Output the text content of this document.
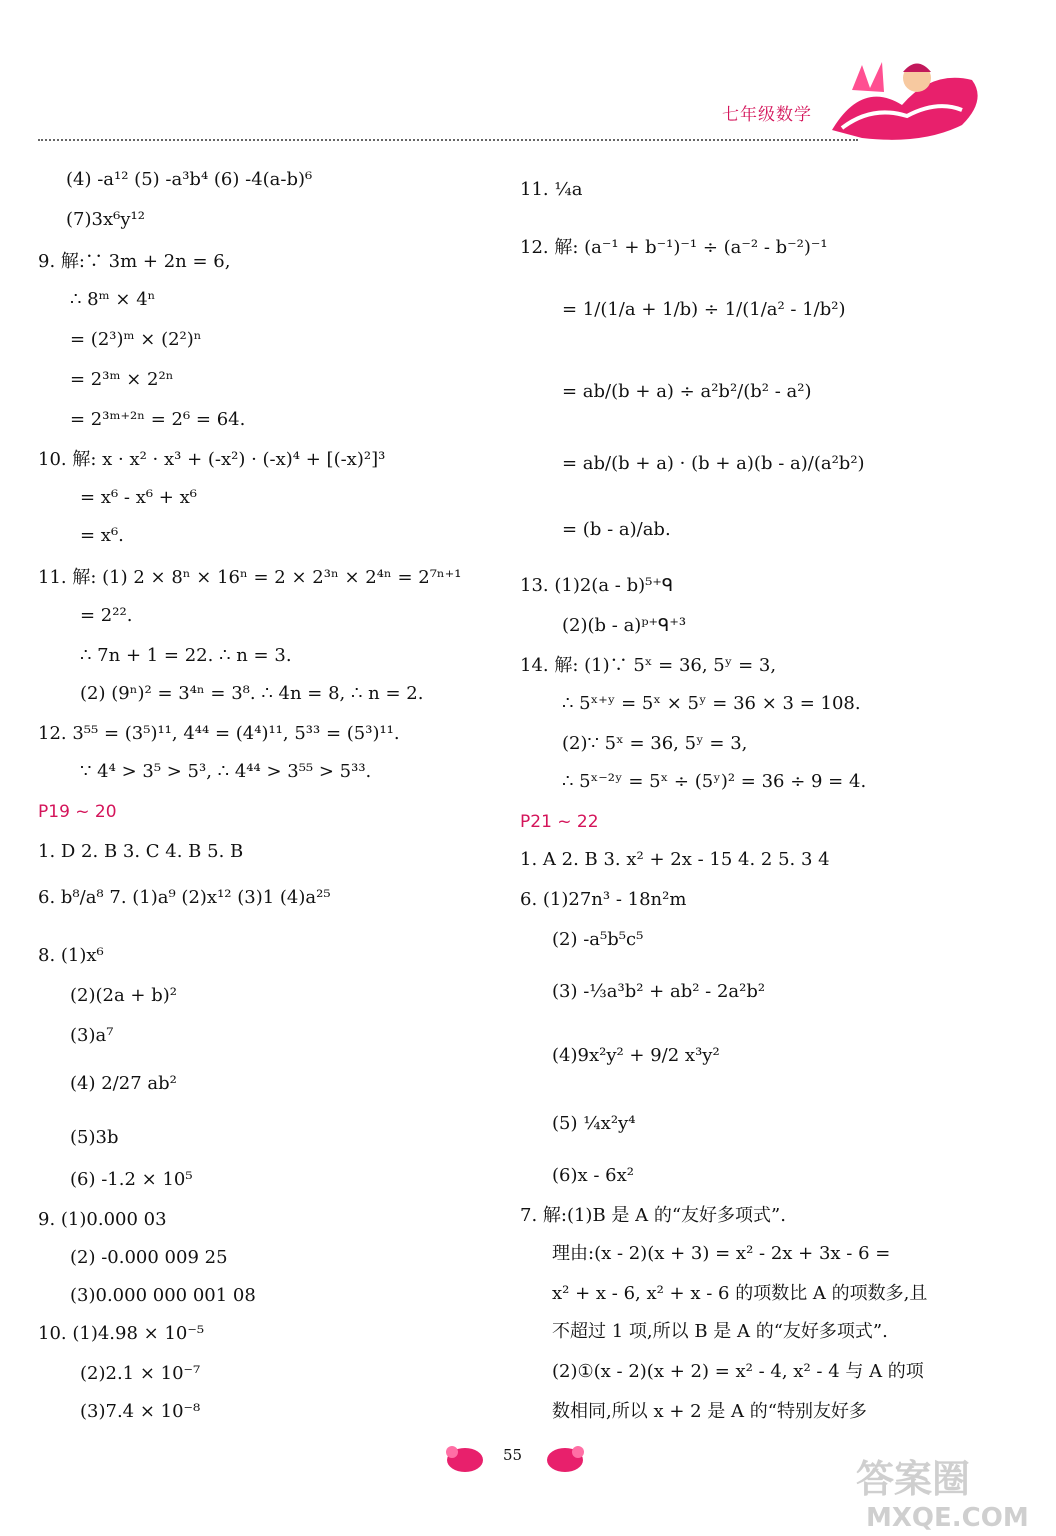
七年级数学
(4) -a¹² (5) -a³b⁴ (6) -4(a-b)⁶
(7)3x⁶y¹²
9. 解:∵ 3m + 2n = 6,
∴ 8ᵐ × 4ⁿ
= (2³)ᵐ × (2²)ⁿ
= 2³ᵐ × 2²ⁿ
= 2³ᵐ⁺²ⁿ = 2⁶ = 64.
10. 解: x · x² · x³ + (-x²) · (-x)⁴ + [(-x)²]³
= x⁶ - x⁶ + x⁶
= x⁶.
11. 解: (1) 2 × 8ⁿ × 16ⁿ = 2 × 2³ⁿ × 2⁴ⁿ = 2⁷ⁿ⁺¹
= 2²².
∴ 7n + 1 = 22. ∴ n = 3.
(2) (9ⁿ)² = 3⁴ⁿ = 3⁸. ∴ 4n = 8, ∴ n = 2.
12. 3⁵⁵ = (3⁵)¹¹, 4⁴⁴ = (4⁴)¹¹, 5³³ = (5³)¹¹.
∵ 4⁴ > 3⁵ > 5³, ∴ 4⁴⁴ > 3⁵⁵ > 5³³.
P19 ~ 20
1. D 2. B 3. C 4. B 5. B
6. b⁸/a⁸ 7. (1)a⁹ (2)x¹² (3)1 (4)a²⁵
8. (1)x⁶
(2)(2a + b)²
(3)a⁷
(4) 2/27 ab²
(5)3b
(6) -1.2 × 10⁵
9. (1)0.000 03
(2) -0.000 009 25
(3)0.000 000 001 08
10. (1)4.98 × 10⁻⁵
(2)2.1 × 10⁻⁷
(3)7.4 × 10⁻⁸
11. ¼a
12. 解: (a⁻¹ + b⁻¹)⁻¹ ÷ (a⁻² - b⁻²)⁻¹
= 1/(1/a + 1/b) ÷ 1/(1/a² - 1/b²)
= ab/(b + a) ÷ a²b²/(b² - a²)
= ab/(b + a) · (b + a)(b - a)/(a²b²)
= (b - a)/ab.
13. (1)2(a - b)⁵⁺ᑫ
(2)(b - a)ᵖ⁺ᑫ⁺³
14. 解: (1)∵ 5ˣ = 36, 5ʸ = 3,
∴ 5ˣ⁺ʸ = 5ˣ × 5ʸ = 36 × 3 = 108.
(2)∵ 5ˣ = 36, 5ʸ = 3,
∴ 5ˣ⁻²ʸ = 5ˣ ÷ (5ʸ)² = 36 ÷ 9 = 4.
P21 ~ 22
1. A 2. B 3. x² + 2x - 15 4. 2 5. 3 4
6. (1)27n³ - 18n²m
(2) -a⁵b⁵c⁵
(3) -⅓a³b² + ab² - 2a²b²
(4)9x²y² + 9/2 x³y²
(5) ¼x²y⁴
(6)x - 6x²
7. 解:(1)B 是 A 的“友好多项式”.
理由:(x - 2)(x + 3) = x² - 2x + 3x - 6 =
x² + x - 6, x² + x - 6 的项数比 A 的项数多,且
不超过 1 项,所以 B 是 A 的“友好多项式”.
(2)①(x - 2)(x + 2) = x² - 4, x² - 4 与 A 的项
数相同,所以 x + 2 是 A 的“特别友好多
55
答案圈
MXQE.COM
